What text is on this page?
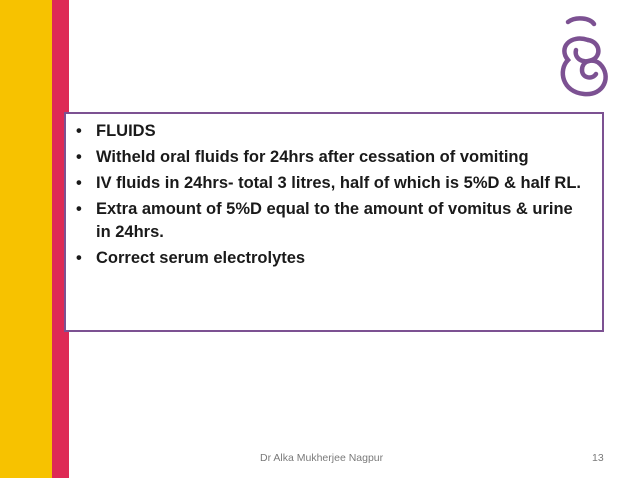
• FLUIDS
• Witheld oral fluids for 24hrs after cessation of vomiting
• IV fluids in 24hrs- total 3 litres, half of which is 5%D & half RL.
• Extra amount of 5%D equal to the amount of vomitus & urine in 24hrs.
• Correct serum electrolytes
Dr Alka Mukherjee Nagpur	13
